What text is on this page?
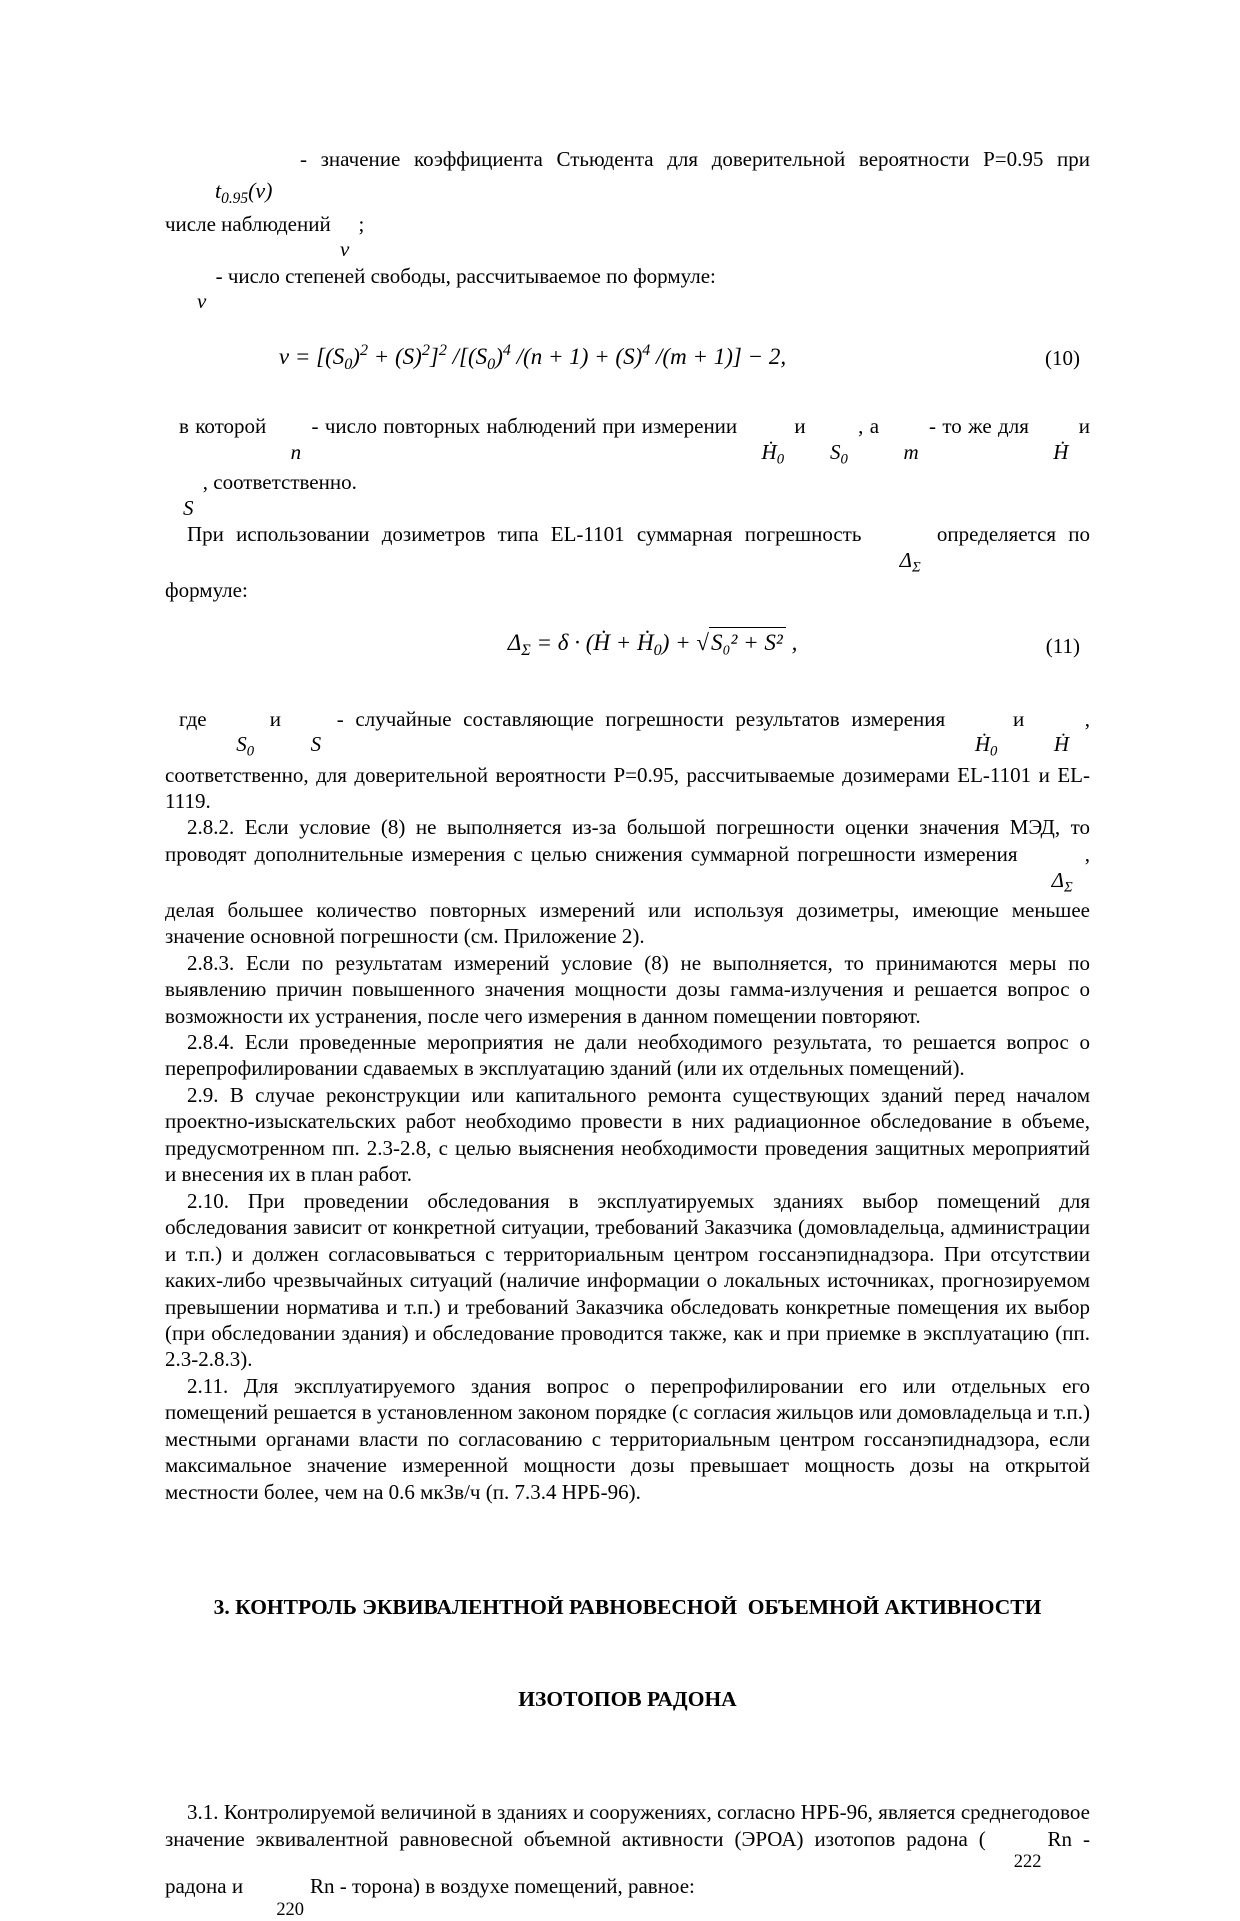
- значение коэффициента Стьюдента для доверительной вероятности P=0.95 при
$t_{0.95}(\nu)$
числе наблюдений ν ;
ν - число степеней свободы, рассчитываемое по формуле:
$\nu = [(S_0)^2 + (S)^2]^2$ $/[(S_0)^4$ $/(n + 1) + (S)^4$ /(m + 1)] − 2,	(10)
в которой n - число повторных наблюдений при измерении Ḣ$_0$ и $S_0$ , а m - то же для Ḣ и S , соответственно.
При использовании дозиметров типа EL-1101 суммарная погрешность $\Delta_\Sigma$ определяется по формуле:
$\Delta_\Sigma = \delta$ · (Ḣ + Ḣ$_0$) + √S₀² + S² ,	(11)
где $S_0$ и S - случайные составляющие погрешности результатов измерения Ḣ$_0$ и Ḣ , соответственно, для доверительной вероятности P=0.95, рассчитываемые дозимерами EL-1101 и EL-1119.
2.8.2. Если условие (8) не выполняется из-за большой погрешности оценки значения МЭД, то проводят дополнительные измерения с целью снижения суммарной погрешности измерения $\Delta_\Sigma$ , делая большее количество повторных измерений или используя дозиметры, имеющие меньшее значение основной погрешности (см. Приложение 2).
2.8.3. Если по результатам измерений условие (8) не выполняется, то принимаются меры по выявлению причин повышенного значения мощности дозы гамма-излучения и решается вопрос о возможности их устранения, после чего измерения в данном помещении повторяют.
2.8.4. Если проведенные мероприятия не дали необходимого результата, то решается вопрос о перепрофилировании сдаваемых в эксплуатацию зданий (или их отдельных помещений).
2.9. В случае реконструкции или капитального ремонта существующих зданий перед началом проектно-изыскательских работ необходимо провести в них радиационное обследование в объеме, предусмотренном пп. 2.3-2.8, с целью выяснения необходимости проведения защитных мероприятий и внесения их в план работ.
2.10. При проведении обследования в эксплуатируемых зданиях выбор помещений для обследования зависит от конкретной ситуации, требований Заказчика (домовладельца, администрации и т.п.) и должен согласовываться с территориальным центром госсанэпиднадзора. При отсутствии каких-либо чрезвычайных ситуаций (наличие информации о локальных источниках, прогнозируемом превышении норматива и т.п.) и требований Заказчика обследовать конкретные помещения их выбор (при обследовании здания) и обследование проводится также, как и при приемке в эксплуатацию (пп. 2.3-2.8.3).
2.11. Для эксплуатируемого здания вопрос о перепрофилировании его или отдельных его помещений решается в установленном законом порядке (с согласия жильцов или домовладельца и т.п.) местными органами власти по согласованию с территориальным центром госсанэпиднадзора, если максимальное значение измеренной мощности дозы превышает мощность дозы на открытой местности более, чем на 0.6 мкЗв/ч (п. 7.3.4 НРБ-96).

3. КОНТРОЛЬ ЭКВИВАЛЕНТНОЙ РАВНОВЕСНОЙ  ОБЪЕМНОЙ АКТИВНОСТИ

ИЗОТОПОВ РАДОНА

3.1. Контролируемой величиной в зданиях и сооружениях, согласно НРБ-96, является среднегодовое значение эквивалентной равновесной объемной активности (ЭРОА) изотопов радона (222Rn - радона и 220Rn - торона) в воздухе помещений, равное:
